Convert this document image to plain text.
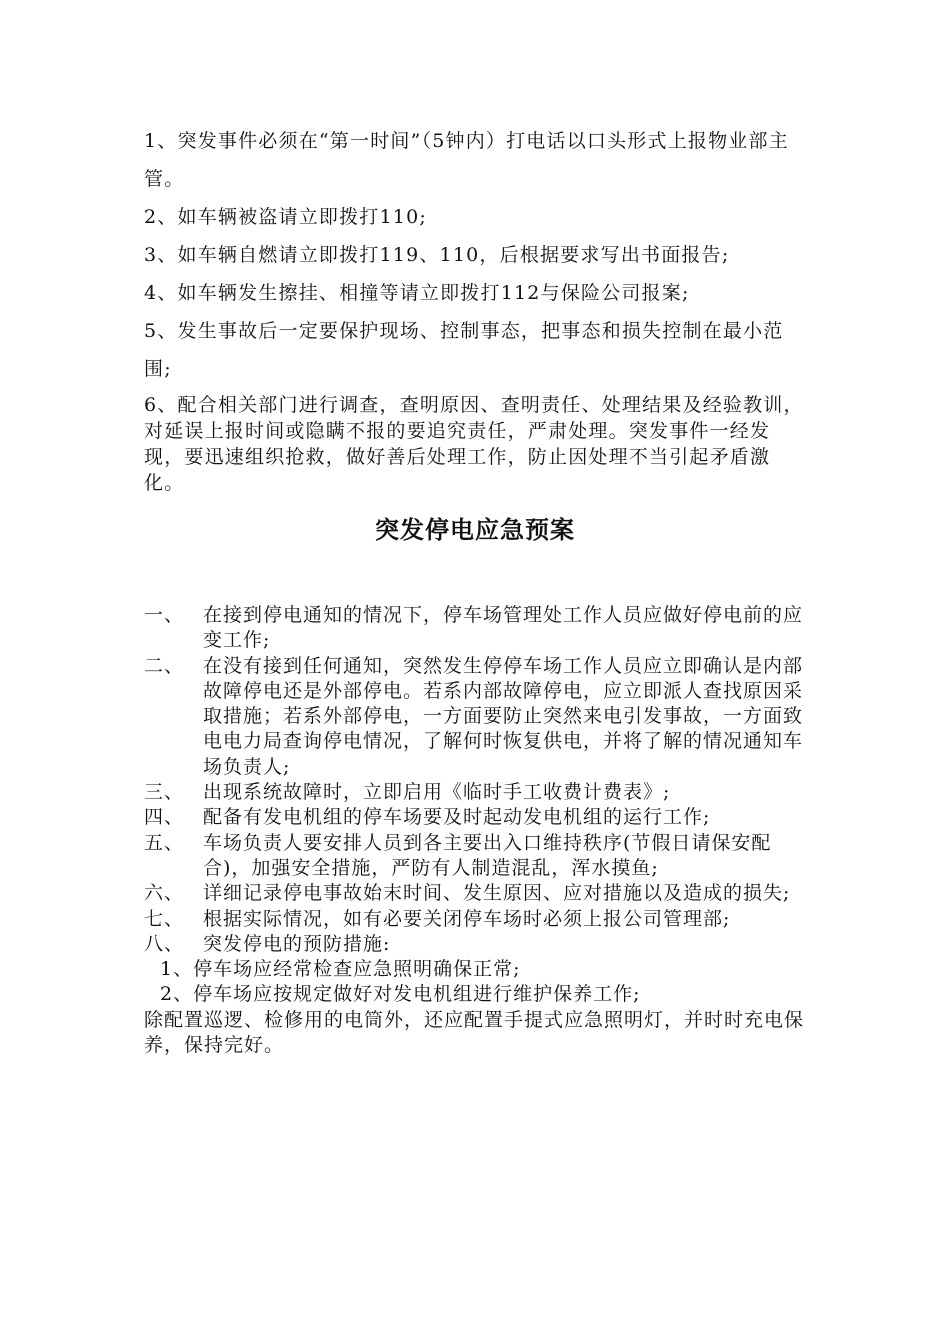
1、突发事件必须在“第一时间”（5钟内）打电话以口头形式上报物业部主管。

2、如车辆被盗请立即拨打110;

3、如车辆自燃请立即拨打119、110，后根据要求写出书面报告;

4、如车辆发生擦挂、相撞等请立即拨打112与保险公司报案;

5、发生事故后一定要保护现场、控制事态，把事态和损失控制在最小范围;

6、配合相关部门进行调查，查明原因、查明责任、处理结果及经验教训，对延误上报时间或隐瞒不报的要追究责任，严肃处理。突发事件一经发现，要迅速组织抢救，做好善后处理工作，防止因处理不当引起矛盾激化。

突发停电应急预案
一、 在接到停电通知的情况下，停车场管理处工作人员应做好停电前的应变工作;
二、 在没有接到任何通知，突然发生停停车场工作人员应立即确认是内部故障停电还是外部停电。若系内部故障停电，应立即派人查找原因采取措施；若系外部停电，一方面要防止突然来电引发事故，一方面致电电力局查询停电情况，了解何时恢复供电，并将了解的情况通知车场负责人;
三、 出现系统故障时，立即启用《临时手工收费计费表》;
四、 配备有发电机组的停车场要及时起动发电机组的运行工作;
五、 车场负责人要安排人员到各主要出入口维持秩序(节假日请保安配合)，加强安全措施，严防有人制造混乱，浑水摸鱼;
六、 详细记录停电事故始末时间、发生原因、应对措施以及造成的损失;
七、 根据实际情况，如有必要关闭停车场时必须上报公司管理部;
八、 突发停电的预防措施:
1、停车场应经常检查应急照明确保正常;
2、停车场应按规定做好对发电机组进行维护保养工作;
除配置巡逻、检修用的电筒外，还应配置手提式应急照明灯，并时时充电保养，保持完好。
